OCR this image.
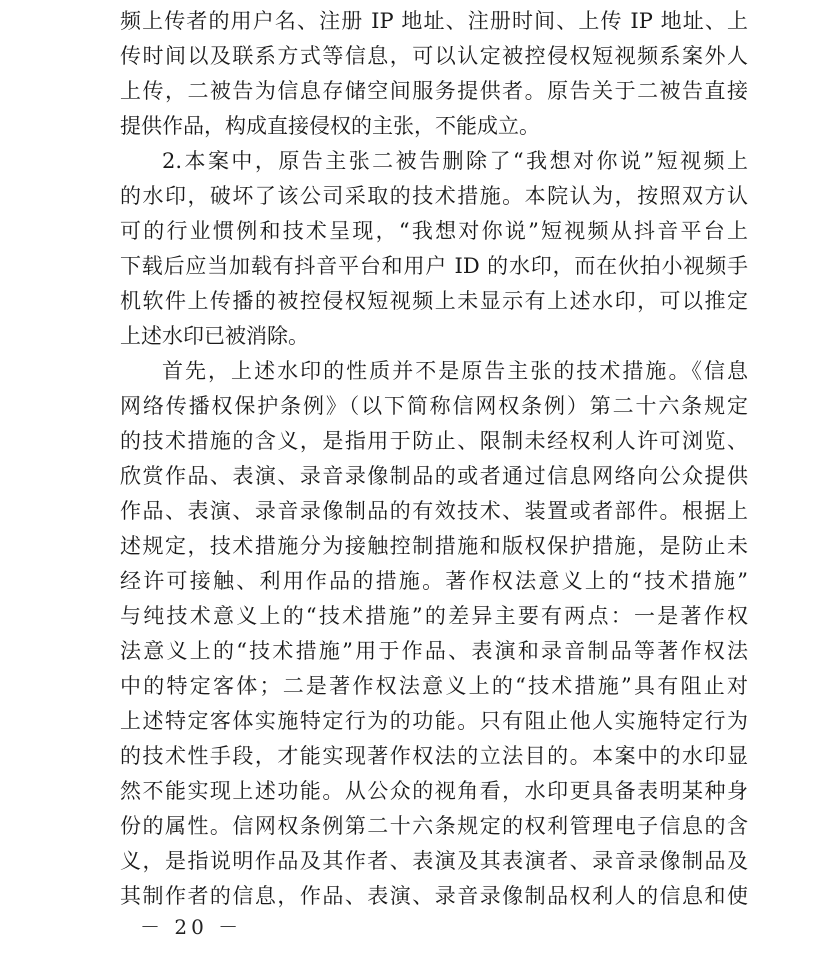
频上传者的用户名、注册 IP 地址、注册时间、上传 IP 地址、上
传时间以及联系方式等信息，可以认定被控侵权短视频系案外人
上传，二被告为信息存储空间服务提供者。原告关于二被告直接
提供作品，构成直接侵权的主张，不能成立。
2.本案中，原告主张二被告删除了“我想对你说”短视频上
的水印，破坏了该公司采取的技术措施。本院认为，按照双方认
可的行业惯例和技术呈现，“我想对你说”短视频从抖音平台上
下载后应当加载有抖音平台和用户 ID 的水印，而在伙拍小视频手
机软件上传播的被控侵权短视频上未显示有上述水印，可以推定
上述水印已被消除。
首先，上述水印的性质并不是原告主张的技术措施。《信息
网络传播权保护条例》（以下简称信网权条例）第二十六条规定
的技术措施的含义，是指用于防止、限制未经权利人许可浏览、
欣赏作品、表演、录音录像制品的或者通过信息网络向公众提供
作品、表演、录音录像制品的有效技术、装置或者部件。根据上
述规定，技术措施分为接触控制措施和版权保护措施，是防止未
经许可接触、利用作品的措施。著作权法意义上的“技术措施”
与纯技术意义上的“技术措施”的差异主要有两点：一是著作权
法意义上的“技术措施”用于作品、表演和录音制品等著作权法
中的特定客体；二是著作权法意义上的“技术措施”具有阻止对
上述特定客体实施特定行为的功能。只有阻止他人实施特定行为
的技术性手段，才能实现著作权法的立法目的。本案中的水印显
然不能实现上述功能。从公众的视角看，水印更具备表明某种身
份的属性。信网权条例第二十六条规定的权利管理电子信息的含
义，是指说明作品及其作者、表演及其表演者、录音录像制品及
其制作者的信息，作品、表演、录音录像制品权利人的信息和使
－ 20 －
